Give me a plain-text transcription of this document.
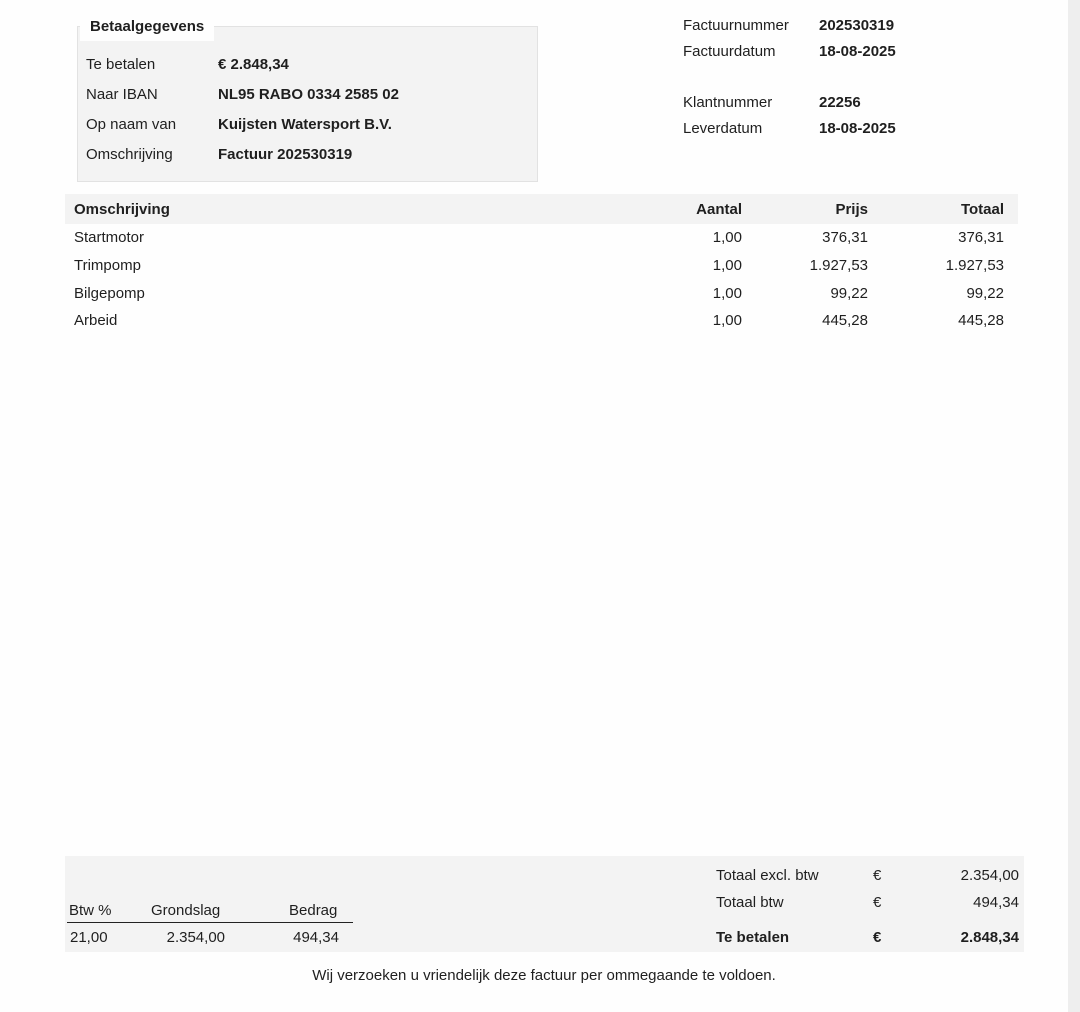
Betaalgegevens
Te betalen	€ 2.848,34
Naar IBAN	NL95 RABO 0334 2585 02
Op naam van	Kuijsten Watersport B.V.
Omschrijving	Factuur 202530319
Factuurnummer 202530319
Factuurdatum	18-08-2025
Klantnummer	22256
Leverdatum	18-08-2025
Omschrijving	Aantal	Prijs	Totaal
Startmotor	1,00	376,31	376,31
Trimpomp	1,00	1.927,53	1.927,53
Bilgepomp	1,00	99,22	99,22
Arbeid	1,00	445,28	445,28
Btw %	Grondslag	Bedrag
21,00	2.354,00	494,34
Totaal excl. btw	€	2.354,00
Totaal btw	€	494,34
Te betalen	€	2.848,34
Wij verzoeken u vriendelijk deze factuur per ommegaande te voldoen.
